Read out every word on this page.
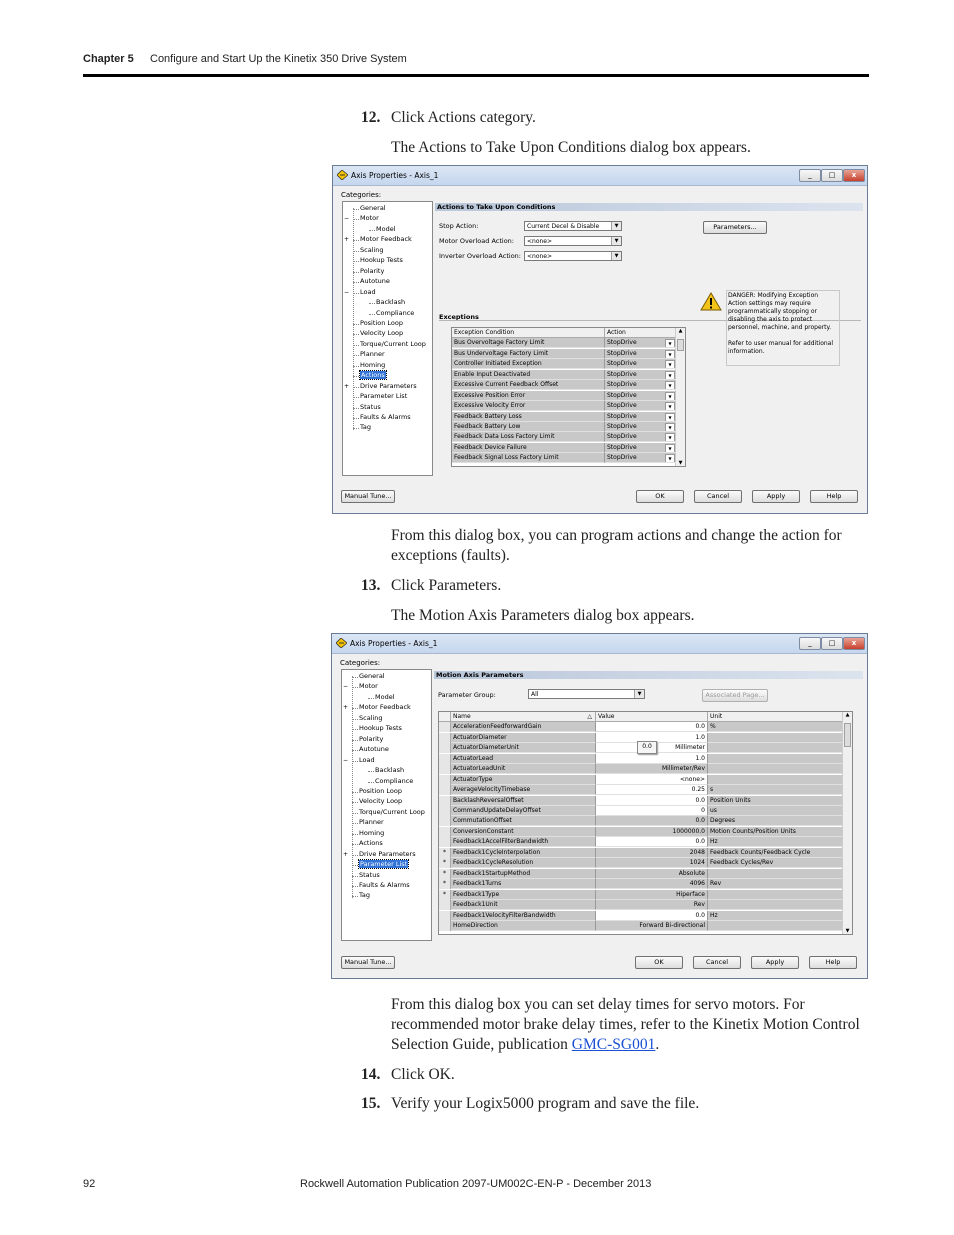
Chapter 5 Configure and Start Up the Kinetix 350 Drive System
12. Click Actions category.
The Actions to Take Upon Conditions dialog box appears.
Axis Properties - Axis_1	_	□	x
Categories:
General
− Motor
Model
+ Motor Feedback
Scaling
Hookup Tests
Polarity
Autotune
− Load
Backlash
Compliance
Position Loop
Velocity Loop
Torque/Current Loop
Planner
Homing
Actions
+ Drive Parameters
Parameter List
Status
Faults & Alarms
Tag
Actions to Take Upon Conditions
Stop Action:	Current Decel & Disable	▼
Motor Overload Action:	<none>	▼
Inverter Overload Action:	<none>	▼
Parameters...
Exceptions
Exception Condition	Action	▲
▼
Bus Overvoltage Factory Limit	StopDrive	▼
Bus Undervoltage Factory Limit	StopDrive	▼
Controller Initiated Exception	StopDrive	▼
Enable Input Deactivated	StopDrive	▼
Excessive Current Feedback Offset	StopDrive	▼
Excessive Position Error	StopDrive	▼
Excessive Velocity Error	StopDrive	▼
Feedback Battery Loss	StopDrive	▼
Feedback Battery Low	StopDrive	▼
Feedback Data Loss Factory Limit	StopDrive	▼
Feedback Device Failure	StopDrive	▼
Feedback Signal Loss Factory Limit	StopDrive	▼
DANGER: Modifying Exception
Action settings may require
programmatically stopping or
disabling the axis to protect
personnel, machine, and property.

Refer to user manual for additional
information.
Manual Tune...	OK	Cancel	Apply	Help
From this dialog box, you can program actions and change the action for exceptions (faults).
13. Click Parameters.
The Motion Axis Parameters dialog box appears.
Axis Properties - Axis_1	_	□	x
Categories:
General
− Motor
Model
+ Motor Feedback
Scaling
Hookup Tests
Polarity
Autotune
− Load
Backlash
Compliance
Position Loop
Velocity Loop
Torque/Current Loop
Planner
Homing
Actions
+ Drive Parameters
Parameter List
Status
Faults & Alarms
Tag
Motion Axis Parameters
Parameter Group:	All	▼	Associated Page...
Name	△	Value	Unit
AccelerationFeedforwardGain	0.0 %
ActuatorDiameter	1.0
ActuatorDiameterUnit	Millimeter
ActuatorLead	1.0
ActuatorLeadUnit	Millimeter/Rev
ActuatorType	<none>
AverageVelocityTimebase	0.25 s
BacklashReversalOffset	0.0 Position Units
CommandUpdateDelayOffset	0 us
CommutationOffset	0.0 Degrees
ConversionConstant	1000000.0 Motion Counts/Position Units
Feedback1AccelFilterBandwidth	0.0 Hz
*	Feedback1CycleInterpolation	2048 Feedback Counts/Feedback Cycle
*	Feedback1CycleResolution	1024 Feedback Cycles/Rev
*	Feedback1StartupMethod	Absolute
*	Feedback1Turns	4096 Rev
*	Feedback1Type	Hiperface
Feedback1Unit	Rev
Feedback1VelocityFilterBandwidth	0.0 Hz
HomeDirection	Forward Bi-directional
▲
▼
0.0
Manual Tune...	OK	Cancel	Apply	Help
From this dialog box you can set delay times for servo motors. For recommended motor brake delay times, refer to the Kinetix Motion Control Selection Guide, publication GMC-SG001.
14. Click OK.
15. Verify your Logix5000 program and save the file.
92	Rockwell Automation Publication 2097-UM002C-EN-P - December 2013
